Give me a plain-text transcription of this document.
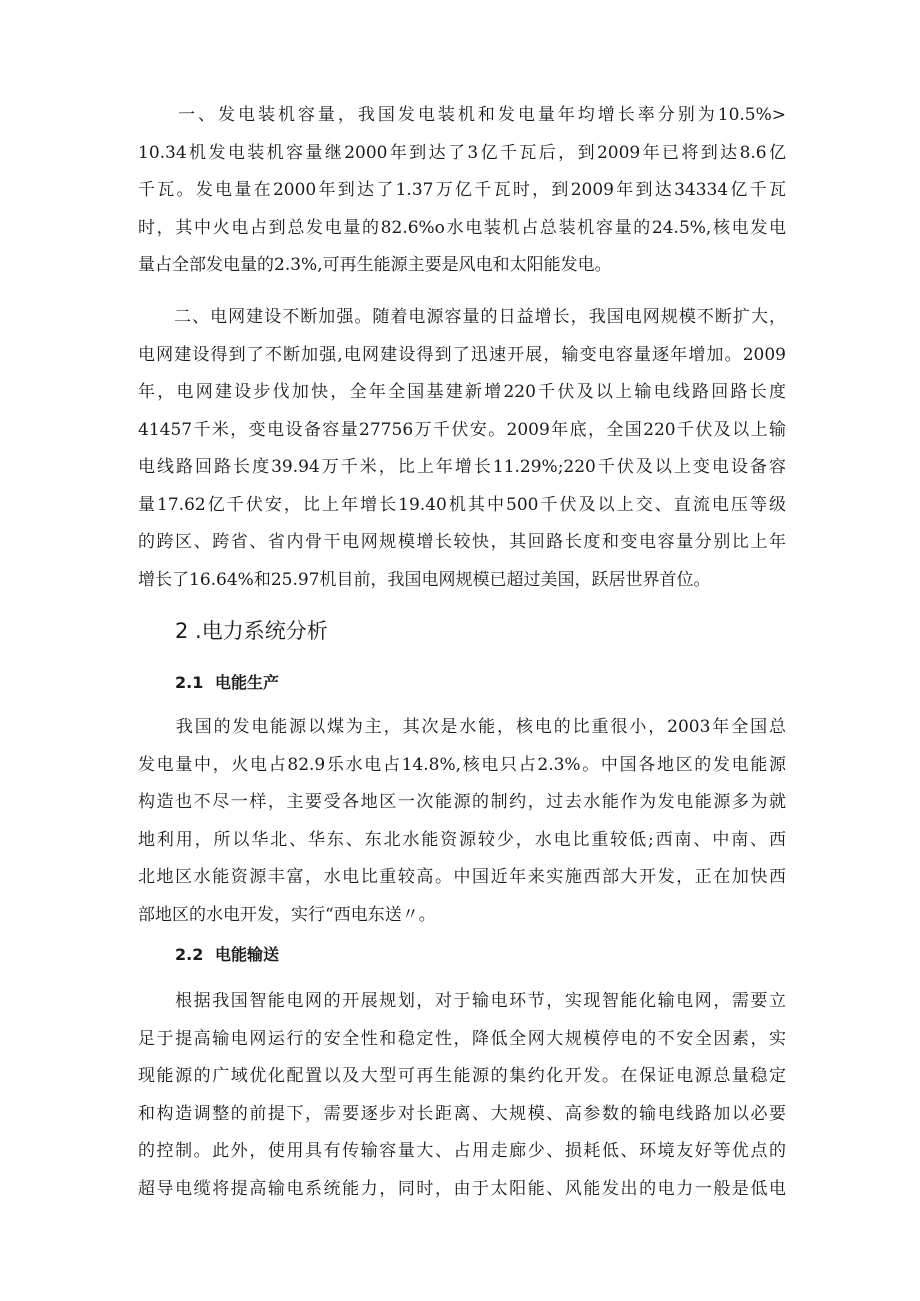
　　一、发电装机容量，我国发电装机和发电量年均增长率分别为10.5%>
10.34机发电装机容量继2000年到达了3亿千瓦后，到2009年已将到达8.6亿
千瓦。发电量在2000年到达了1.37万亿千瓦时，到2009年到达34334亿千瓦
时，其中火电占到总发电量的82.6%o水电装机占总装机容量的24.5%,核电发电
量占全部发电量的2.3%,可再生能源主要是风电和太阳能发电。
　　二、电网建设不断加强。随着电源容量的日益增长，我国电网规模不断扩大，
电网建设得到了不断加强,电网建设得到了迅速开展，输变电容量逐年增加。2009
年，电网建设步伐加快，全年全国基建新增220千伏及以上输电线路回路长度
41457千米，变电设备容量27756万千伏安。2009年底，全国220千伏及以上输
电线路回路长度39.94万千米，比上年增长11.29%;220千伏及以上变电设备容
量17.62亿千伏安，比上年增长19.40机其中500千伏及以上交、直流电压等级
的跨区、跨省、省内骨干电网规模增长较快，其回路长度和变电容量分别比上年
增长了16.64%和25.97机目前，我国电网规模已超过美国，跃居世界首位。
2 .电力系统分析
2.1 电能生产
　　我国的发电能源以煤为主，其次是水能，核电的比重很小，2003年全国总
发电量中，火电占82.9乐水电占14.8%,核电只占2.3%。中国各地区的发电能源
构造也不尽一样，主要受各地区一次能源的制约，过去水能作为发电能源多为就
地利用，所以华北、华东、东北水能资源较少，水电比重较低;西南、中南、西
北地区水能资源丰富，水电比重较高。中国近年来实施西部大开发，正在加快西
部地区的水电开发，实行“西电东送〃。
2.2 电能输送
　　根据我国智能电网的开展规划，对于输电环节，实现智能化输电网，需要立
足于提高输电网运行的安全性和稳定性，降低全网大规模停电的不安全因素，实
现能源的广域优化配置以及大型可再生能源的集约化开发。在保证电源总量稳定
和构造调整的前提下，需要逐步对长距离、大规模、高参数的输电线路加以必要
的控制。此外，使用具有传输容量大、占用走廊少、损耗低、环境友好等优点的
超导电缆将提高输电系统能力，同时，由于太阳能、风能发出的电力一般是低电
